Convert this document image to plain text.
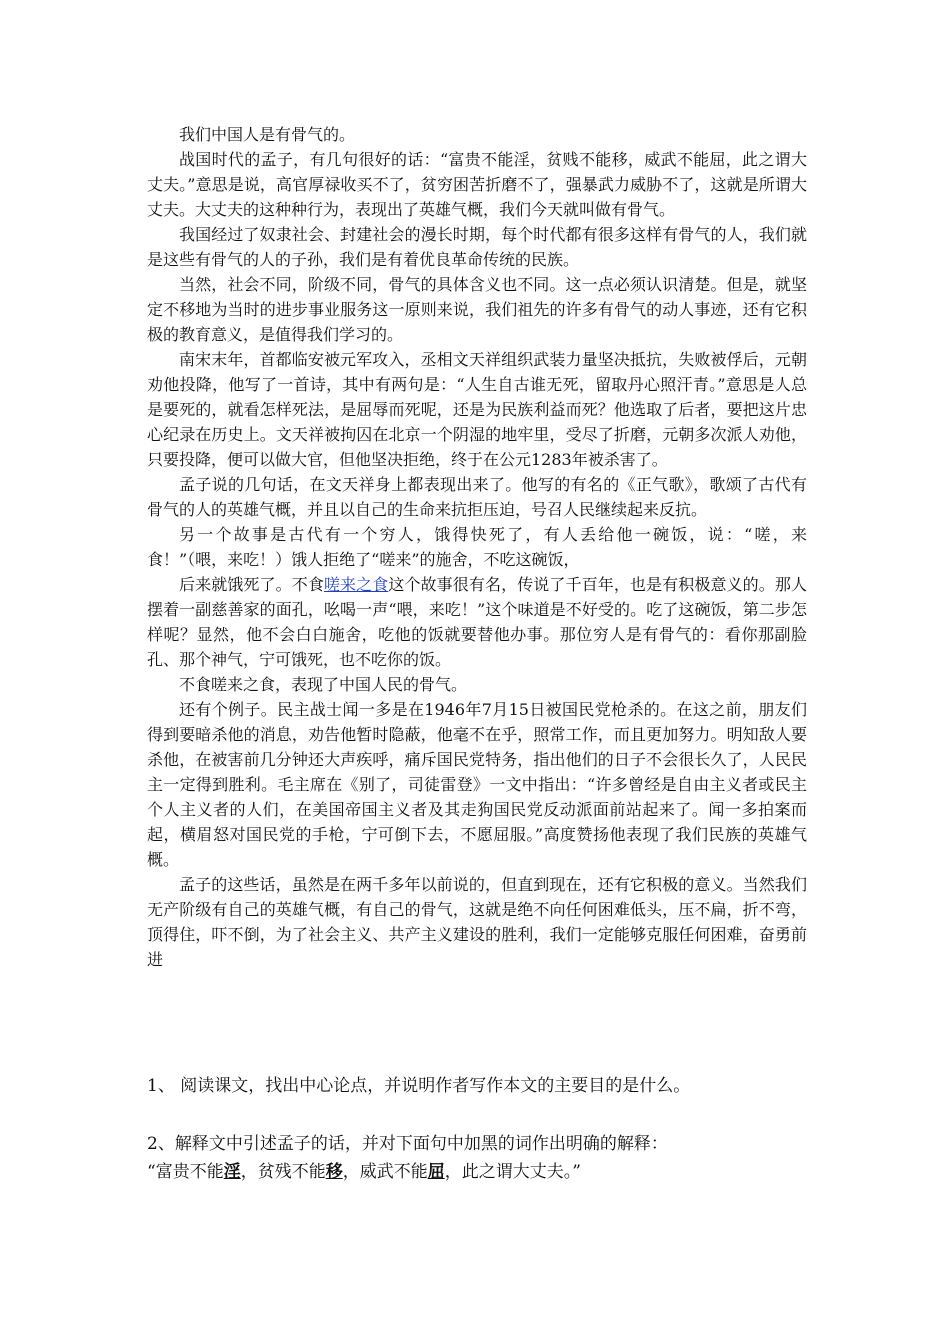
我们中国人是有骨气的。

战国时代的孟子，有几句很好的话：“富贵不能淫，贫贱不能移，威武不能屈，此之谓大丈夫。”意思是说，高官厚禄收买不了，贫穷困苦折磨不了，强暴武力威胁不了，这就是所谓大丈夫。大丈夫的这种种行为，表现出了英雄气概，我们今天就叫做有骨气。

我国经过了奴隶社会、封建社会的漫长时期，每个时代都有很多这样有骨气的人，我们就是这些有骨气的人的子孙，我们是有着优良革命传统的民族。

当然，社会不同，阶级不同，骨气的具体含义也不同。这一点必须认识清楚。但是，就坚定不移地为当时的进步事业服务这一原则来说，我们祖先的许多有骨气的动人事迹，还有它积极的教育意义，是值得我们学习的。

南宋末年，首都临安被元军攻入，丞相文天祥组织武装力量坚决抵抗，失败被俘后，元朝劝他投降，他写了一首诗，其中有两句是：“人生自古谁无死，留取丹心照汗青。”意思是人总是要死的，就看怎样死法，是屈辱而死呢，还是为民族利益而死？他选取了后者，要把这片忠心纪录在历史上。文天祥被拘囚在北京一个阴湿的地牢里，受尽了折磨，元朝多次派人劝他，只要投降，便可以做大官，但他坚决拒绝，终于在公元1283年被杀害了。

孟子说的几句话，在文天祥身上都表现出来了。他写的有名的《正气歌》，歌颂了古代有骨气的人的英雄气概，并且以自己的生命来抗拒压迫，号召人民继续起来反抗。

另一个故事是古代有一个穷人，饿得快死了，有人丢给他一碗饭，说：“嗟，来食！”（喂，来吃！）饿人拒绝了“嗟来”的施舍，不吃这碗饭，

后来就饿死了。不食嗟来之食这个故事很有名，传说了千百年，也是有积极意义的。那人摆着一副慈善家的面孔，吆喝一声“喂，来吃！”这个味道是不好受的。吃了这碗饭，第二步怎样呢？显然，他不会白白施舍，吃他的饭就要替他办事。那位穷人是有骨气的：看你那副脸孔、那个神气，宁可饿死，也不吃你的饭。

不食嗟来之食，表现了中国人民的骨气。

还有个例子。民主战士闻一多是在1946年7月15日被国民党枪杀的。在这之前，朋友们得到要暗杀他的消息，劝告他暂时隐蔽，他毫不在乎，照常工作，而且更加努力。明知敌人要杀他，在被害前几分钟还大声疾呼，痛斥国民党特务，指出他们的日子不会很长久了，人民民主一定得到胜利。毛主席在《别了，司徒雷登》一文中指出：“许多曾经是自由主义者或民主个人主义者的人们，在美国帝国主义者及其走狗国民党反动派面前站起来了。闻一多拍案而起，横眉怒对国民党的手枪，宁可倒下去，不愿屈服。”高度赞扬他表现了我们民族的英雄气概。

孟子的这些话，虽然是在两千多年以前说的，但直到现在，还有它积极的意义。当然我们无产阶级有自己的英雄气概，有自己的骨气，这就是绝不向任何困难低头，压不扁，折不弯，顶得住，吓不倒，为了社会主义、共产主义建设的胜利，我们一定能够克服任何困难，奋勇前进

1、 阅读课文，找出中心论点，并说明作者写作本文的主要目的是什么。

2、解释文中引述孟子的话，并对下面句中加黑的词作出明确的解释：

“富贵不能淫，贫残不能移，威武不能屈，此之谓大丈夫。”
